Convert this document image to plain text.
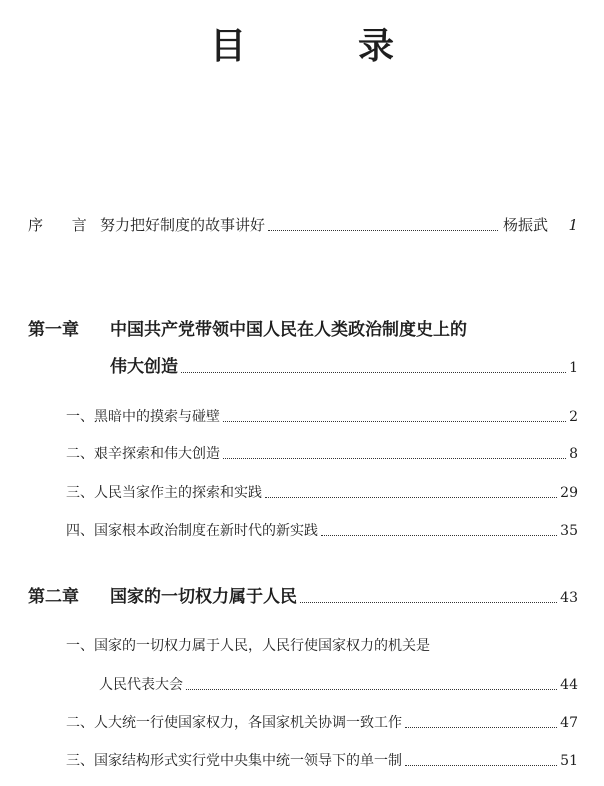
目　录
序 言 努力把好制度的故事讲好	杨振武 1
第一章 中国共产党带领中国人民在人类政治制度史上的
伟大创造	1
一、黑暗中的摸索与碰壁	2
二、艰辛探索和伟大创造	8
三、人民当家作主的探索和实践	29
四、国家根本政治制度在新时代的新实践	35
第二章	国家的一切权力属于人民	43
一、国家的一切权力属于人民，人民行使国家权力的机关是
人民代表大会	44
二、人大统一行使国家权力，各国家机关协调一致工作	47
三、国家结构形式实行党中央集中统一领导下的单一制	51
